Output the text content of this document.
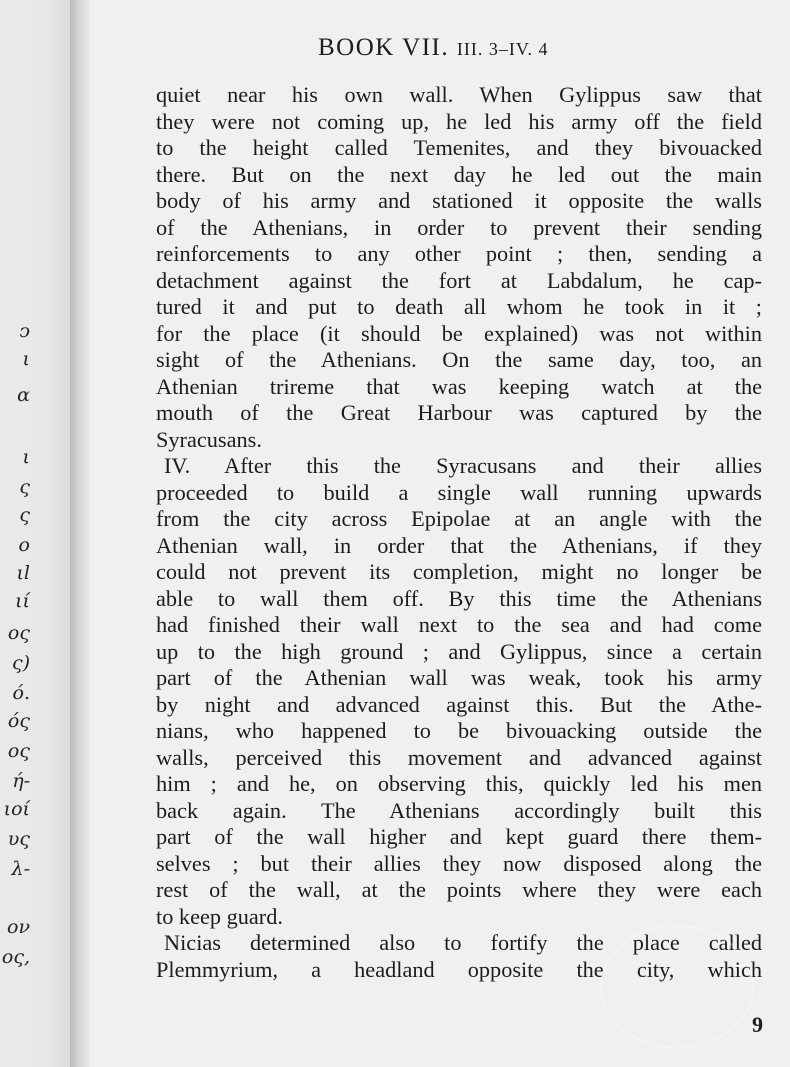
ͻ
ι
α
ι
ς
ς
ο
ιl
ιί
ος
ς)
ό.
ός
ος
ή-
ιοί
υς
λ-
ον
ος,
BOOK VII. III. 3–IV. 4
quiet near his own wall. When Gylippus saw that
they were not coming up, he led his army off the field
to the height called Temenites, and they bivouacked
there. But on the next day he led out the main
body of his army and stationed it opposite the walls
of the Athenians, in order to prevent their sending
reinforcements to any other point ; then, sending a
detachment against the fort at Labdalum, he cap-
tured it and put to death all whom he took in it ;
for the place (it should be explained) was not within
sight of the Athenians. On the same day, too, an
Athenian trireme that was keeping watch at the
mouth of the Great Harbour was captured by the
Syracusans.
IV. After this the Syracusans and their allies
proceeded to build a single wall running upwards
from the city across Epipolae at an angle with the
Athenian wall, in order that the Athenians, if they
could not prevent its completion, might no longer be
able to wall them off. By this time the Athenians
had finished their wall next to the sea and had come
up to the high ground ; and Gylippus, since a certain
part of the Athenian wall was weak, took his army
by night and advanced against this. But the Athe-
nians, who happened to be bivouacking outside the
walls, perceived this movement and advanced against
him ; and he, on observing this, quickly led his men
back again. The Athenians accordingly built this
part of the wall higher and kept guard there them-
selves ; but their allies they now disposed along the
rest of the wall, at the points where they were each
to keep guard.
Nicias determined also to fortify the place called
Plemmyrium, a headland opposite the city, which
9
